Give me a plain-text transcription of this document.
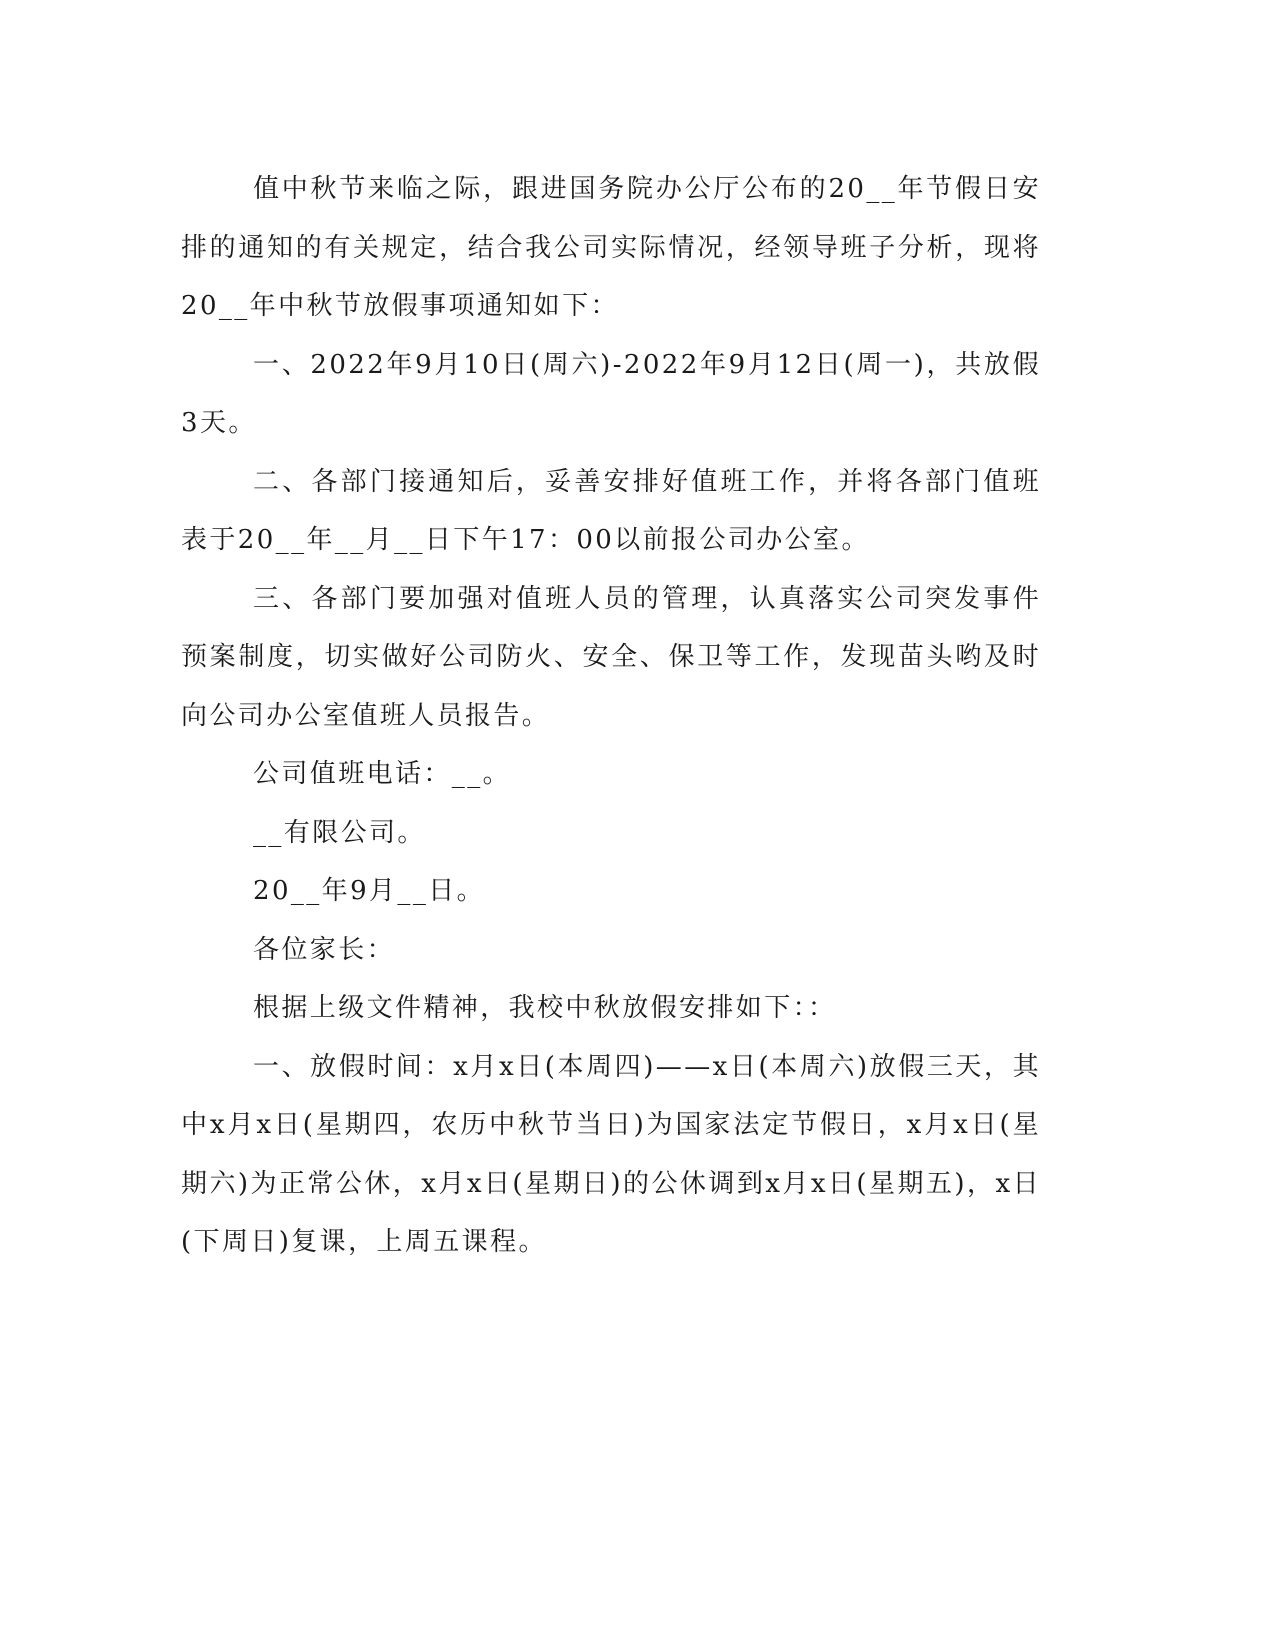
值中秋节来临之际，跟进国务院办公厅公布的20__年节假日安排的通知的有关规定，结合我公司实际情况，经领导班子分析，现将20__年中秋节放假事项通知如下：

一、2022年9月10日(周六)-2022年9月12日(周一)，共放假3天。

二、各部门接通知后，妥善安排好值班工作，并将各部门值班表于20__年__月__日下午17：00以前报公司办公室。

三、各部门要加强对值班人员的管理，认真落实公司突发事件预案制度，切实做好公司防火、安全、保卫等工作，发现苗头哟及时向公司办公室值班人员报告。

公司值班电话：__。

__有限公司。

20__年9月__日。

各位家长：

根据上级文件精神，我校中秋放假安排如下：：

一、放假时间：x月x日(本周四)——x日(本周六)放假三天，其中x月x日(星期四，农历中秋节当日)为国家法定节假日，x月x日(星期六)为正常公休，x月x日(星期日)的公休调到x月x日(星期五)，x日(下周日)复课，上周五课程。
